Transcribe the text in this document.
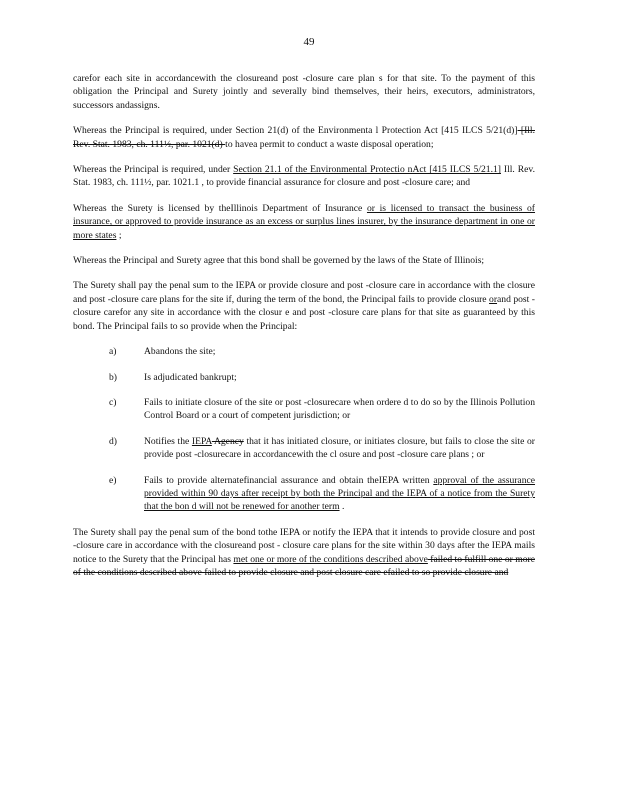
49

carefor each site in accordancewith the closureand post -closure care plan s for that site. To the payment of this obligation the Principal and Surety jointly and severally bind themselves, their heirs, executors, administrators, successors andassigns.

Whereas the Principal is required, under Section 21(d) of the Environmenta l Protection Act [415 ILCS 5/21(d)] [Ill. Rev. Stat. 1983, ch. 111½, par. 1021(d) to havea permit to conduct a waste disposal operation;

Whereas the Principal is required, under Section 21.1 of the Environmental Protectio nAct [415 ILCS 5/21.1] Ill. Rev. Stat. 1983, ch. 111½, par. 1021.1 , to provide financial assurance for closure and post -closure care; and

Whereas the Surety is licensed by theIllinois Department of Insurance or is licensed to transact the business of insurance, or approved to provide insurance as an excess or surplus lines insurer, by the insurance department in one or more states ;

Whereas the Principal and Surety agree that this bond shall be governed by the laws of the State of Illinois;

The Surety shall pay the penal sum to the IEPA or provide closure and post -closure care in accordance with the closure and post -closure care plans for the site if, during the term of the bond, the Principal fails to provide closure orand post - closure carefor any site in accordance with the closur e and post -closure care plans for that site as guaranteed by this bond. The Principal fails to so provide when the Principal:

a)	Abandons the site;
b)	Is adjudicated bankrupt;
c)	Fails to initiate closure of the site or post -closurecare when ordere d to do so by the Illinois Pollution Control Board or a court of competent jurisdiction; or
d)	Notifies the IEPA Agency that it has initiated closure, or initiates closure, but fails to close the site or provide post -closurecare in accordancewith the cl osure and post -closure care plans ; or
e)	Fails to provide alternatefinancial assurance and obtain theIEPA written approval of the assurance provided within 90 days after receipt by both the Principal and the IEPA of a notice from the Surety that the bon d will not be renewed for another term .

The Surety shall pay the penal sum of the bond tothe IEPA or notify the IEPA that it intends to provide closure and post -closure care in accordance with the closureand post - closure care plans for the site within 30 days after the IEPA mails notice to the Surety that the Principal has met one or more of the conditions described above failed to fulfill one or more of the conditions described above failed to provide closure and post closure care efailed to so provide closure and
